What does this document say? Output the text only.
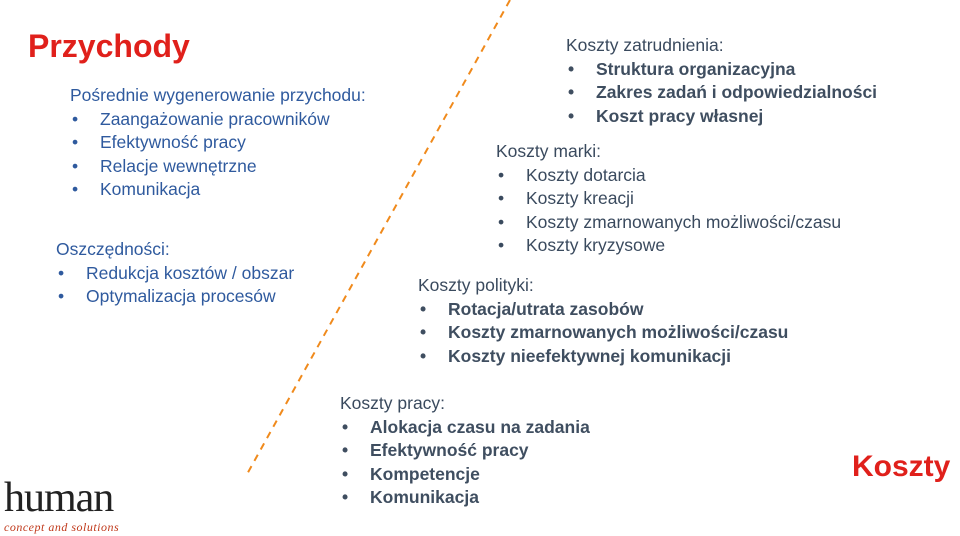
Przychody
Pośrednie wygenerowanie przychodu:
• Zaangażowanie pracowników
• Efektywność pracy
• Relacje wewnętrzne
• Komunikacja
Oszczędności:
• Redukcja kosztów / obszar
• Optymalizacja procesów
Koszty zatrudnienia:
• Struktura organizacyjna
• Zakres zadań i odpowiedzialności
• Koszt pracy własnej
Koszty marki:
• Koszty dotarcia
• Koszty kreacji
• Koszty zmarnowanych możliwości/czasu
• Koszty kryzysowe
Koszty polityki:
• Rotacja/utrata zasobów
• Koszty zmarnowanych możliwości/czasu
• Koszty nieefektywnej komunikacji
Koszty pracy:
• Alokacja czasu na zadania
• Efektywność pracy
• Kompetencje
• Komunikacja
Koszty
human
concept and solutions
